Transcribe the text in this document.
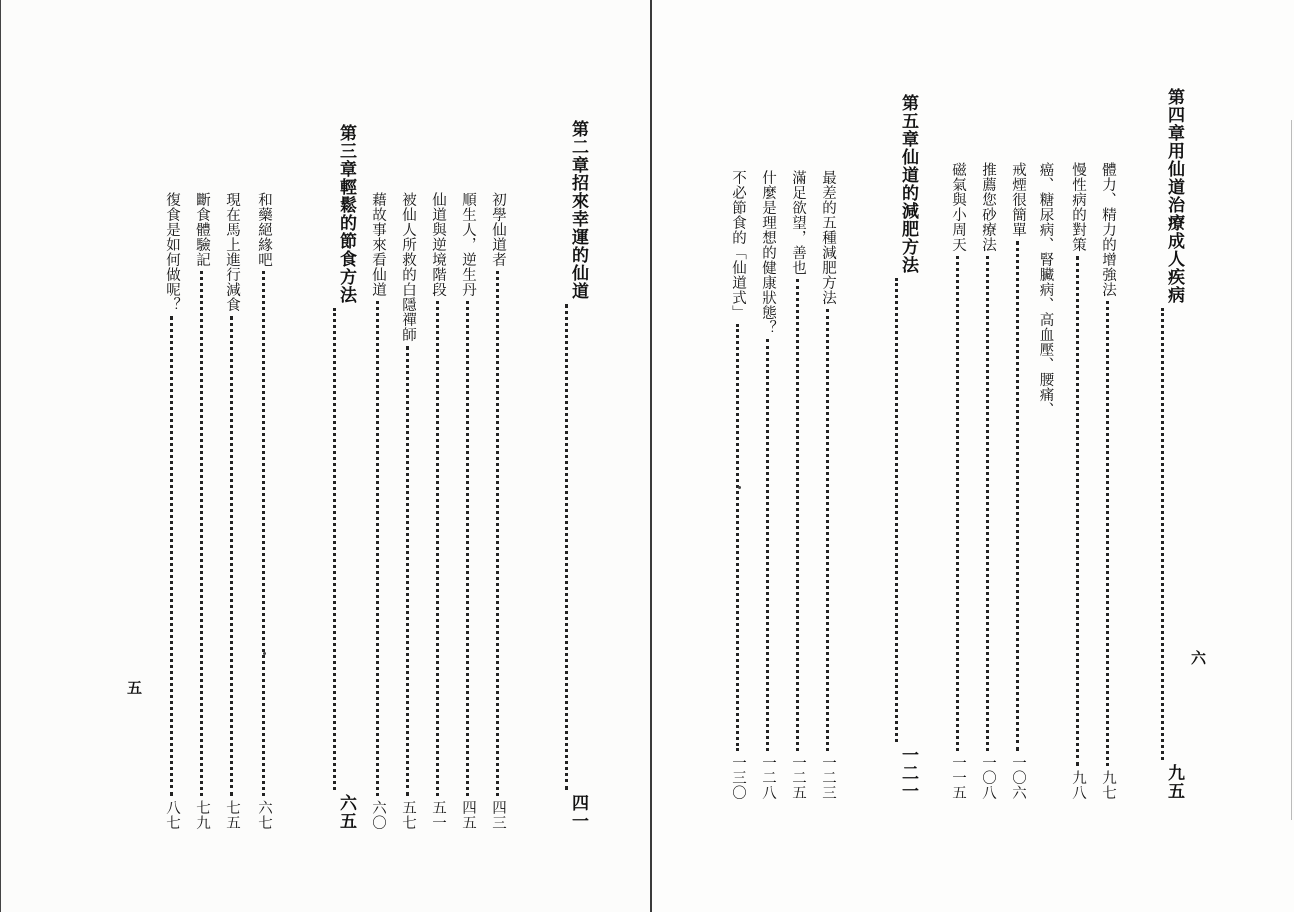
第二章
招來幸運的仙道
四一
初學仙道者
四三
順生人，逆生丹
四五
仙道與逆境階段
五一
被仙人所救的白隱禪師
五七
藉故事來看仙道
六〇
第三章
輕鬆的節食方法
六五
和藥絕緣吧
六七
現在馬上進行減食
七五
斷食體驗記
七九
復食是如何做呢？
八七
五
第四章
用仙道治療成人疾病
九五
體力、精力的增強法
九七
慢性病的對策
九八
癌、糖尿病、腎臟病、高血壓、腰痛、
戒煙很簡單
一〇六
推薦您砂療法
一〇八
磁氣與小周天
一一五
第五章
仙道的減肥方法
一二一
最差的五種減肥方法
一二三
滿足欲望，善也
一二五
什麼是理想的健康狀態？
一二八
不必節食的「仙道式」
一三〇
六
